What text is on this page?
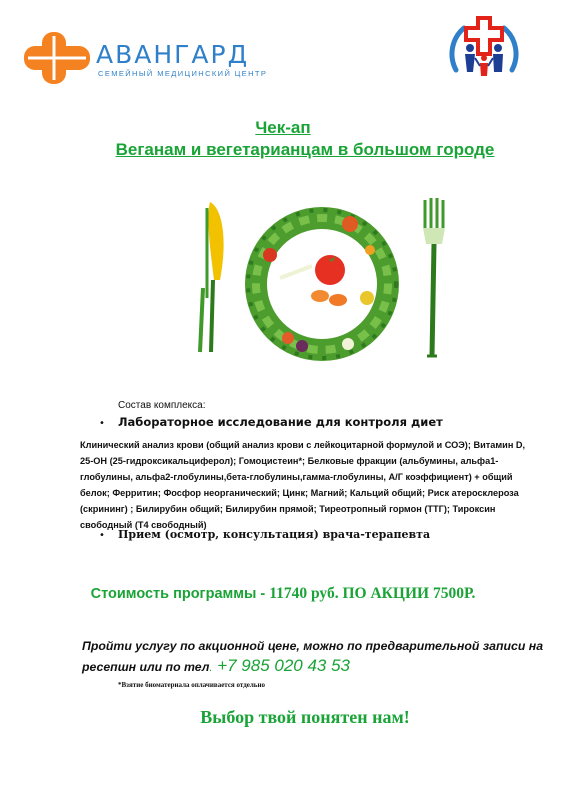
АВАНГАРД
СЕМЕЙНЫЙ МЕДИЦИНСКИЙ ЦЕНТР
Чек-ап
Веганам и вегетарианцам в большом городе
Состав комплекса:
• Лабораторное исследование для контроля диет
Клинический анализ крови (общий анализ крови с лейкоцитарной формулой и СОЭ); Витамин D, 25-ОН (25-гидроксикальциферол); Гомоцистеин*; Белковые фракции (альбумины, альфа1-глобулины, альфа2-глобулины,бета-глобулины,гамма-глобулины, А/Г коэффициент) + общий белок; Ферритин; Фосфор неорганический; Цинк; Магний; Кальций общий; Риск атеросклероза (скрининг) ; Билирубин общий; Билирубин прямой; Тиреотропный гормон (ТТГ); Тироксин свободный (Т4 свободный)
• Прием (осмотр, консультация) врача-терапевта
Стоимость программы - 11740 руб. ПО АКЦИИ 7500Р.
Пройти услугу по акционной цене, можно по предварительной записи на ресепшн или по тел. +7 985 020 43 53
*Взятие биоматериала оплачивается отдельно
Выбор твой понятен нам!
